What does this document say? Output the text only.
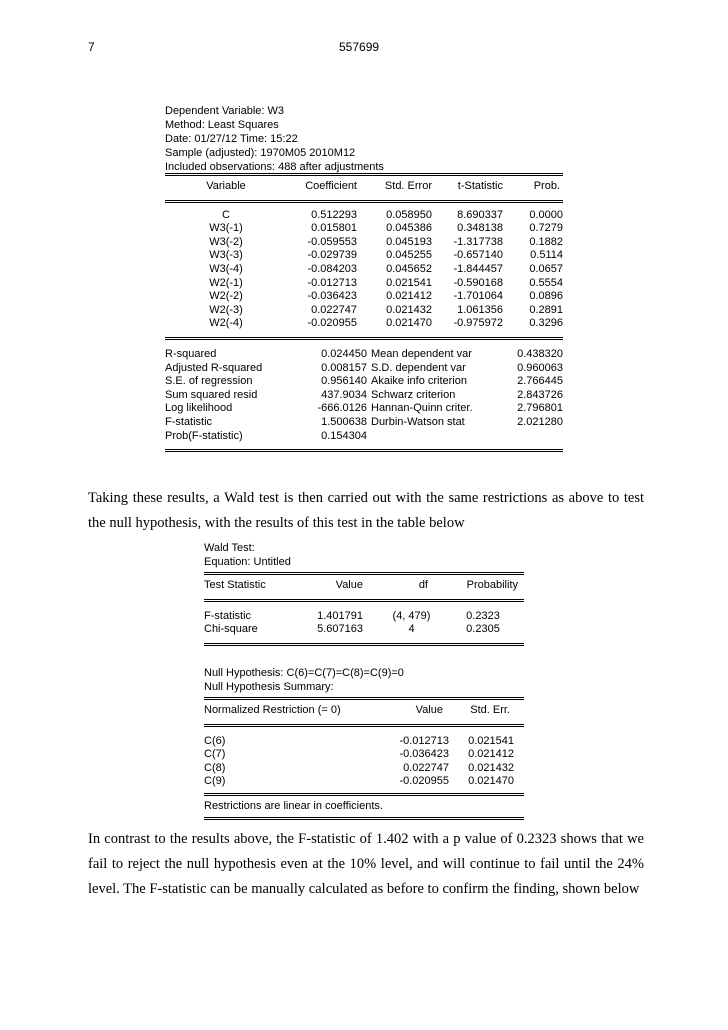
7	557699
Dependent Variable: W3
Method: Least Squares
Date: 01/27/12 Time: 15:22
Sample (adjusted): 1970M05 2010M12
Included observations: 488 after adjustments

Variable	Coefficient	Std. Error	t-Statistic	Prob.

C	0.512293	0.058950	8.690337	0.0000
W3(-1)	0.015801	0.045386	0.348138	0.7279
W3(-2)	-0.059553	0.045193	-1.317738	0.1882
W3(-3)	-0.029739	0.045255	-0.657140	0.5114
W3(-4)	-0.084203	0.045652	-1.844457	0.0657
W2(-1)	-0.012713	0.021541	-0.590168	0.5554
W2(-2)	-0.036423	0.021412	-1.701064	0.0896
W2(-3)	0.022747	0.021432	1.061356	0.2891
W2(-4)	-0.020955	0.021470	-0.975972	0.3296

R-squared	0.024450	Mean dependent var	0.438320
Adjusted R-squared	0.008157	S.D. dependent var	0.960063
S.E. of regression	0.956140	Akaike info criterion	2.766445
Sum squared resid	437.9034	Schwarz criterion	2.843726
Log likelihood	-666.0126	Hannan-Quinn criter.	2.796801
F-statistic	1.500638	Durbin-Watson stat	2.021280
Prob(F-statistic)	0.154304		

Taking these results, a Wald test is then carried out with the same restrictions as above to test the null hypothesis, with the results of this test in the table below
Wald Test:
Equation: Untitled

Test Statistic	Value	df	Probability

F-statistic	1.401791	(4, 479)	0.2323
Chi-square	5.607163	4	0.2305

Null Hypothesis: C(6)=C(7)=C(8)=C(9)=0
Null Hypothesis Summary:

Normalized Restriction (= 0)	Value	Std. Err.

C(6)	-0.012713	0.021541
C(7)	-0.036423	0.021412
C(8)	0.022747	0.021432
C(9)	-0.020955	0.021470

Restrictions are linear in coefficients.		

In contrast to the results above, the F-statistic of 1.402 with a p value of 0.2323 shows that we fail to reject the null hypothesis even at the 10% level, and will continue to fail until the 24% level. The F-statistic can be manually calculated as before to confirm the finding, shown below
